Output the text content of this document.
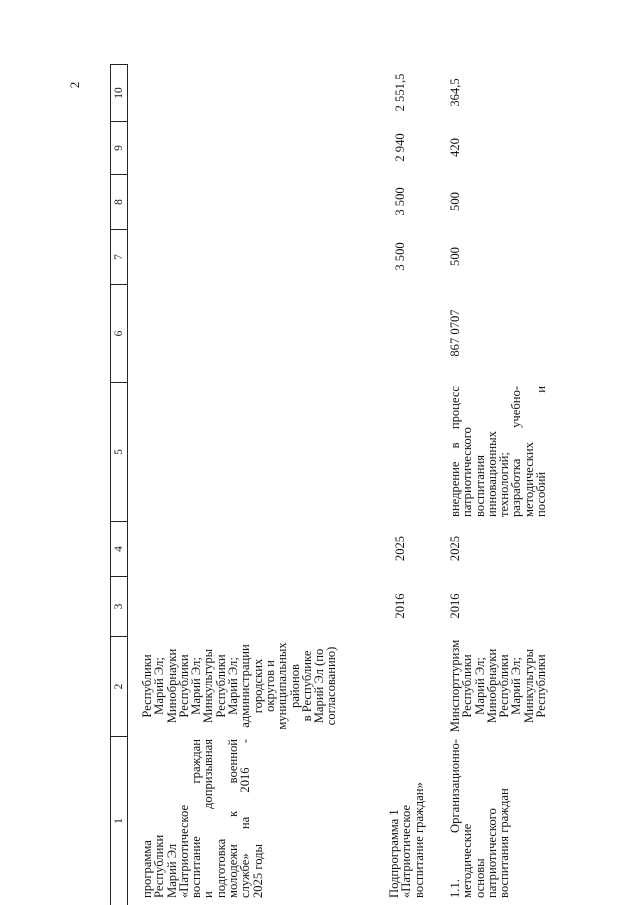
2
1
2
3
4
5
6
7
8
9
10
программа
Республики
Марий Эл
«Патриотическое
воспитание граждан
и допризывная
подготовка
молодежи к военной
службе» на 2016 -
2025 годы
Республики
Марий Эл;
Минобрнауки
Республики
Марий Эл;
Минкультуры
Республики
Марий Эл;
администрации
городских
округов и
муниципальных
районов
в Республике
Марий Эл (по
согласованию)
Подпрограмма 1
«Патриотическое
воспитание граждан»
2016
2025
3 500
3 500
2 940
2 551,5
1.1. Организационно-
методические
основы
патриотического
воспитания граждан
Минспорттуризм
Республики
Марий Эл;
Минобрнауки
Республики
Марий Эл;
Минкультуры
Республики
2016
2025
внедрение в процесс
патриотического
воспитания
инновационных
технологий;
разработка учебно-
методических
пособий и
867 0707
500
500
420
364,5
